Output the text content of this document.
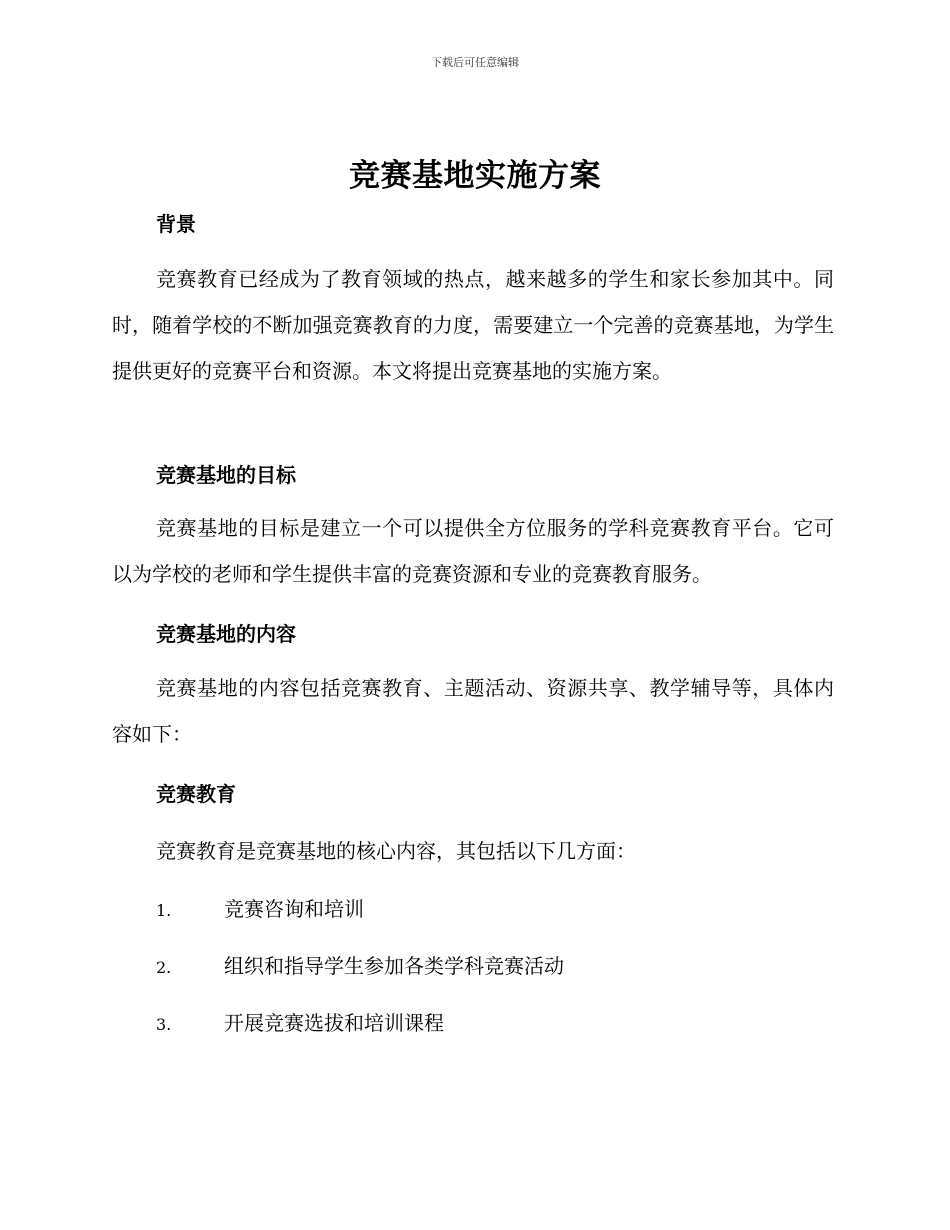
下载后可任意编辑
竞赛基地实施方案
背景

竞赛教育已经成为了教育领域的热点，越来越多的学生和家长参加其中。同时，随着学校的不断加强竞赛教育的力度，需要建立一个完善的竞赛基地，为学生提供更好的竞赛平台和资源。本文将提出竞赛基地的实施方案。

竞赛基地的目标

竞赛基地的目标是建立一个可以提供全方位服务的学科竞赛教育平台。它可以为学校的老师和学生提供丰富的竞赛资源和专业的竞赛教育服务。

竞赛基地的内容

竞赛基地的内容包括竞赛教育、主题活动、资源共享、教学辅导等，具体内容如下：

竞赛教育

竞赛教育是竞赛基地的核心内容，其包括以下几方面：

1.	竞赛咨询和培训
2.	组织和指导学生参加各类学科竞赛活动
3.	开展竞赛选拔和培训课程
